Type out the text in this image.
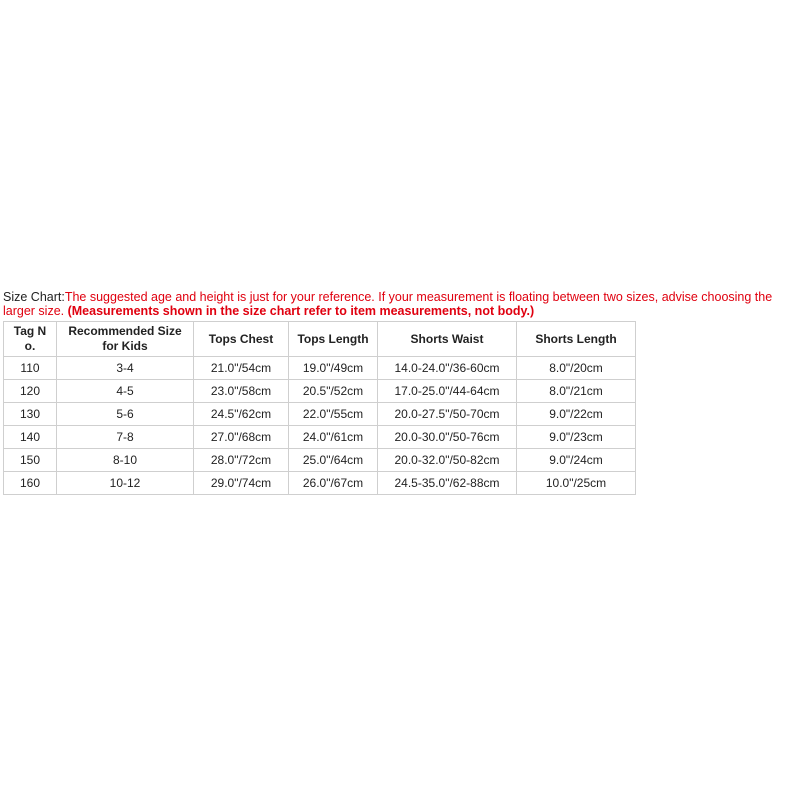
Size Chart:The suggested age and height is just for your reference. If your measurement is floating between two sizes, advise choosing the larger size. (Measurements shown in the size chart refer to item measurements, not body.)

Tag N o.	Recommended Size for Kids	Tops Chest	Tops Length	Shorts Waist	Shorts Length
110	3-4	21.0"/54cm	19.0"/49cm	14.0-24.0"/36-60cm	8.0"/20cm
120	4-5	23.0"/58cm	20.5"/52cm	17.0-25.0"/44-64cm	8.0"/21cm
130	5-6	24.5"/62cm	22.0"/55cm	20.0-27.5"/50-70cm	9.0"/22cm
140	7-8	27.0"/68cm	24.0"/61cm	20.0-30.0"/50-76cm	9.0"/23cm
150	8-10	28.0"/72cm	25.0"/64cm	20.0-32.0"/50-82cm	9.0"/24cm
160	10-12	29.0"/74cm	26.0"/67cm	24.5-35.0"/62-88cm	10.0"/25cm
